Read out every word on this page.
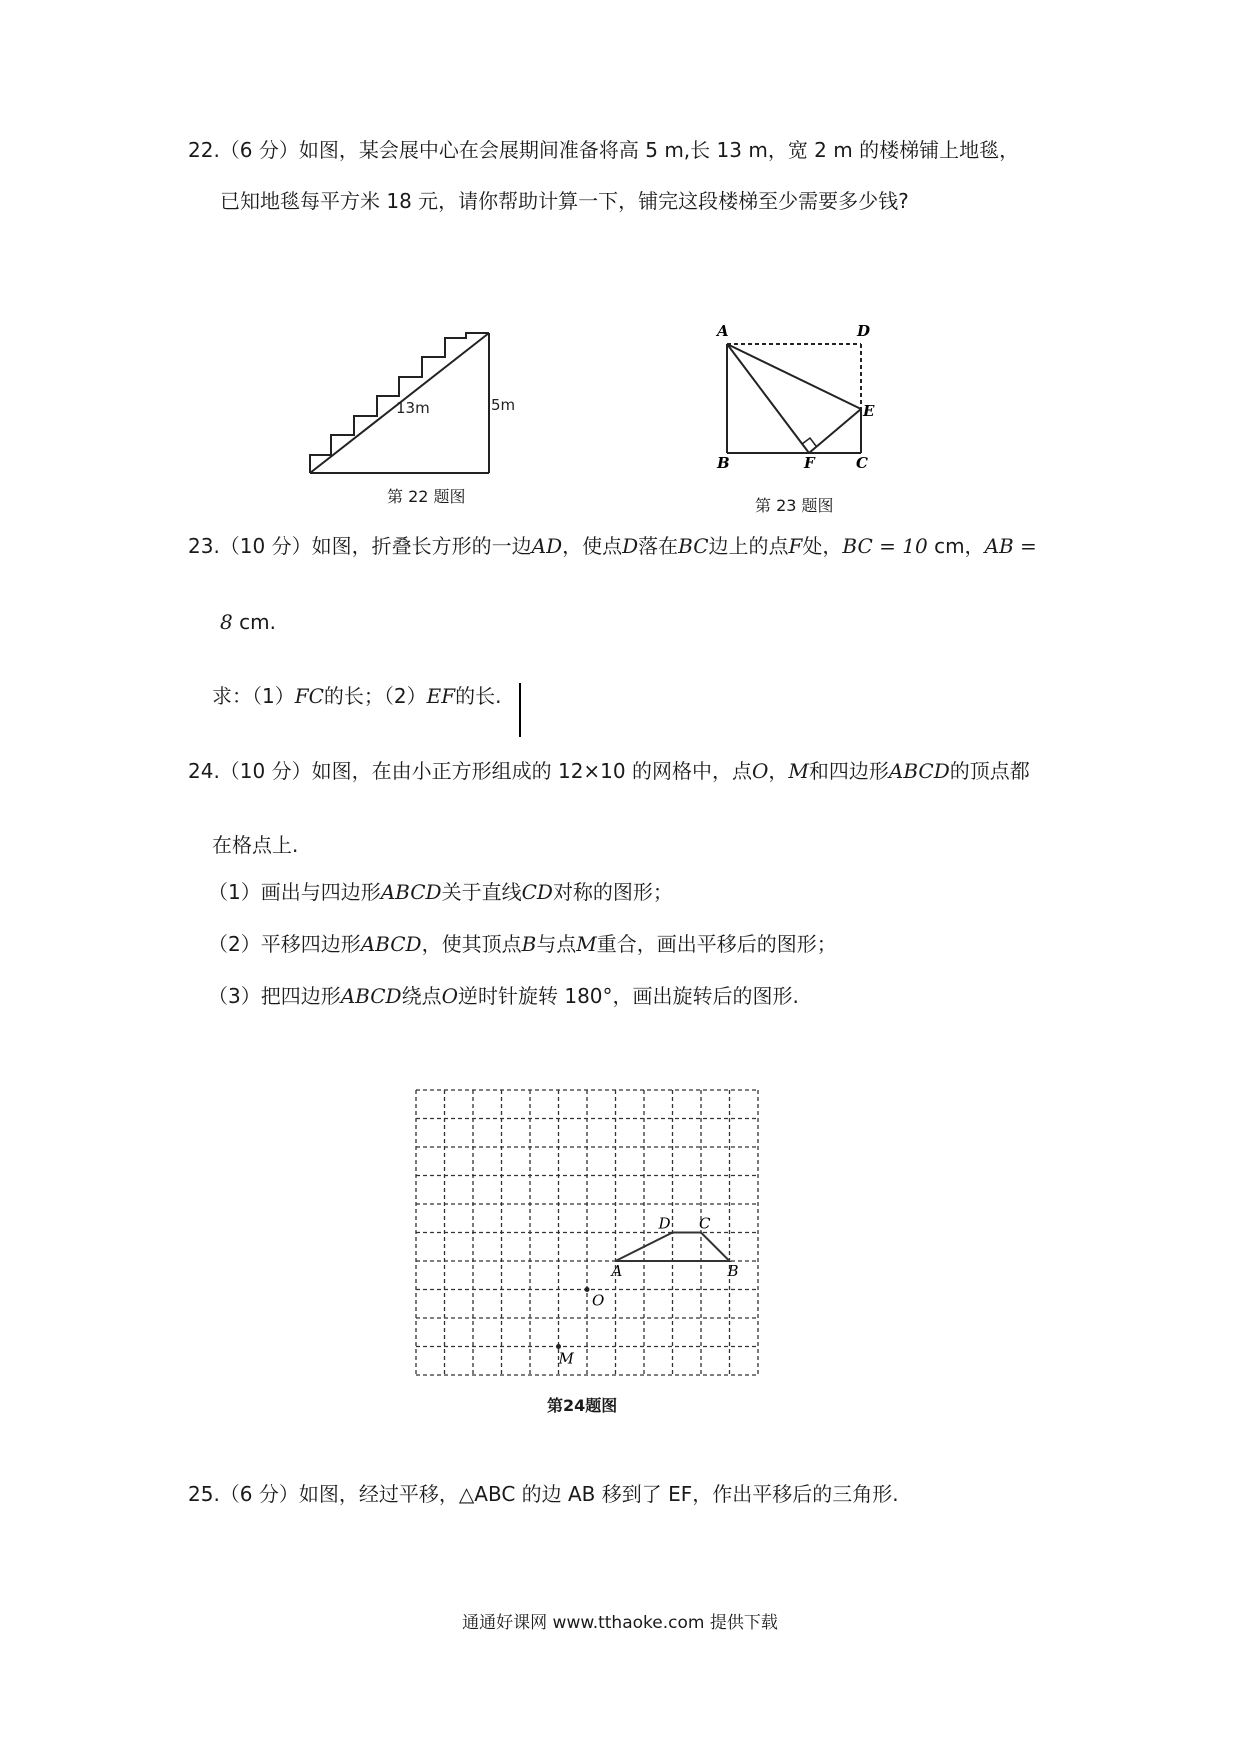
22.（6 分）如图，某会展中心在会展期间准备将高 5 m,长 13 m，宽 2 m 的楼梯铺上地毯，
已知地毯每平方米 18 元，请你帮助计算一下，铺完这段楼梯至少需要多少钱?
13m	5m
第 22 题图
A	D
E
B	F	C
第 23 题图
23.（10 分）如图，折叠长方形的一边AD，使点D落在BC边上的点F处，BC = 10 cm，AB =
8 cm.
求：（1）FC的长；（2）EF的长.
24.（10 分）如图，在由小正方形组成的 12×10 的网格中，点O，M和四边形ABCD的顶点都
在格点上.
（1）画出与四边形ABCD关于直线CD对称的图形；
（2）平移四边形ABCD，使其顶点B与点M重合，画出平移后的图形；
（3）把四边形ABCD绕点O逆时针旋转 180°，画出旋转后的图形.
A	B
C
D
O
M
第24题图
25.（6 分）如图，经过平移，△ABC 的边 AB 移到了 EF，作出平移后的三角形.
通通好课网 www.tthaoke.com 提供下载
